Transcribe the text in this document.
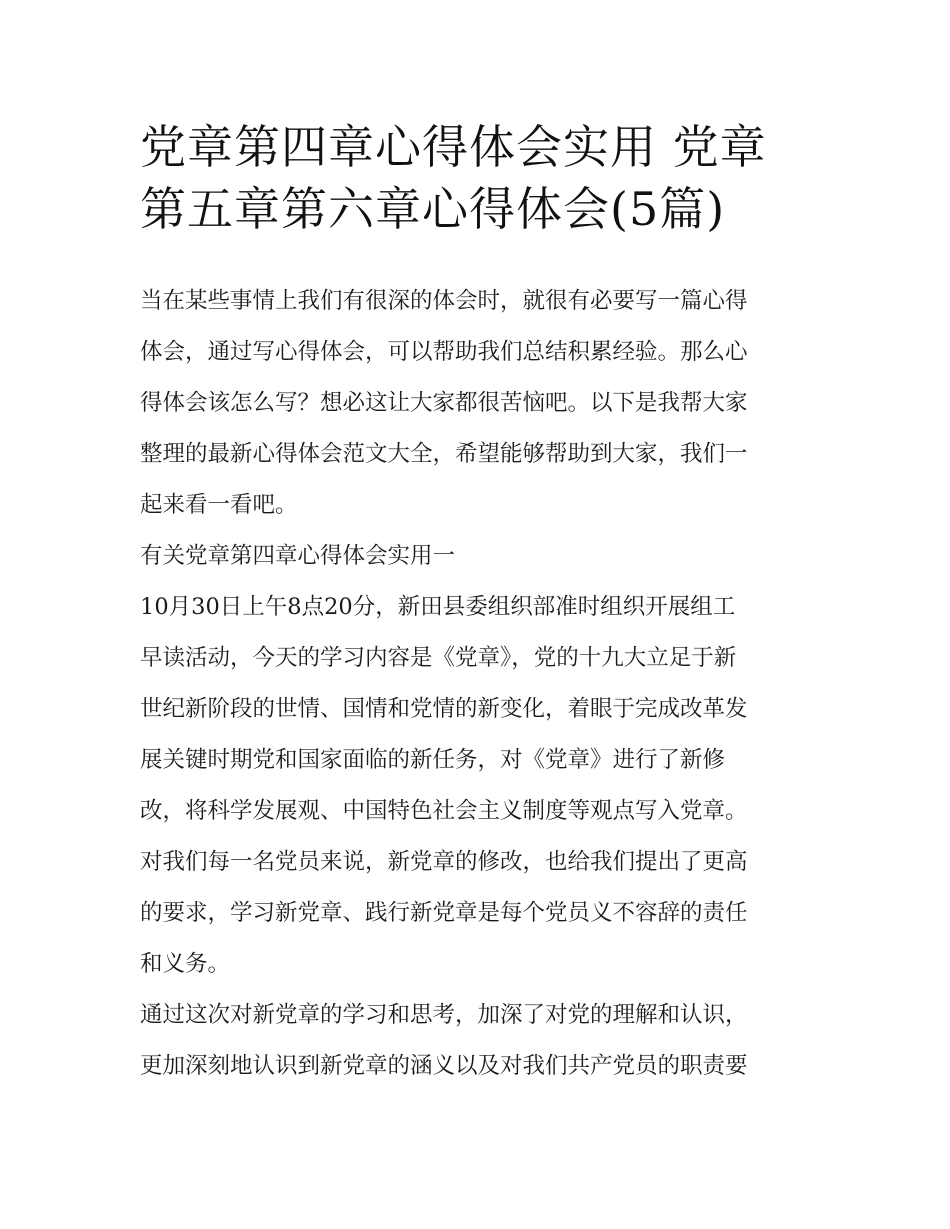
党章第四章心得体会实用 党章
第五章第六章心得体会(5篇)
当在某些事情上我们有很深的体会时，就很有必要写一篇心得
体会，通过写心得体会，可以帮助我们总结积累经验。那么心
得体会该怎么写？想必这让大家都很苦恼吧。以下是我帮大家
整理的最新心得体会范文大全，希望能够帮助到大家，我们一
起来看一看吧。
有关党章第四章心得体会实用一
10月30日上午8点20分，新田县委组织部准时组织开展组工
早读活动，今天的学习内容是《党章》，党的十九大立足于新
世纪新阶段的世情、国情和党情的新变化，着眼于完成改革发
展关键时期党和国家面临的新任务，对《党章》进行了新修
改，将科学发展观、中国特色社会主义制度等观点写入党章。
对我们每一名党员来说，新党章的修改，也给我们提出了更高
的要求，学习新党章、践行新党章是每个党员义不容辞的责任
和义务。
通过这次对新党章的学习和思考，加深了对党的理解和认识，
更加深刻地认识到新党章的涵义以及对我们共产党员的职责要
